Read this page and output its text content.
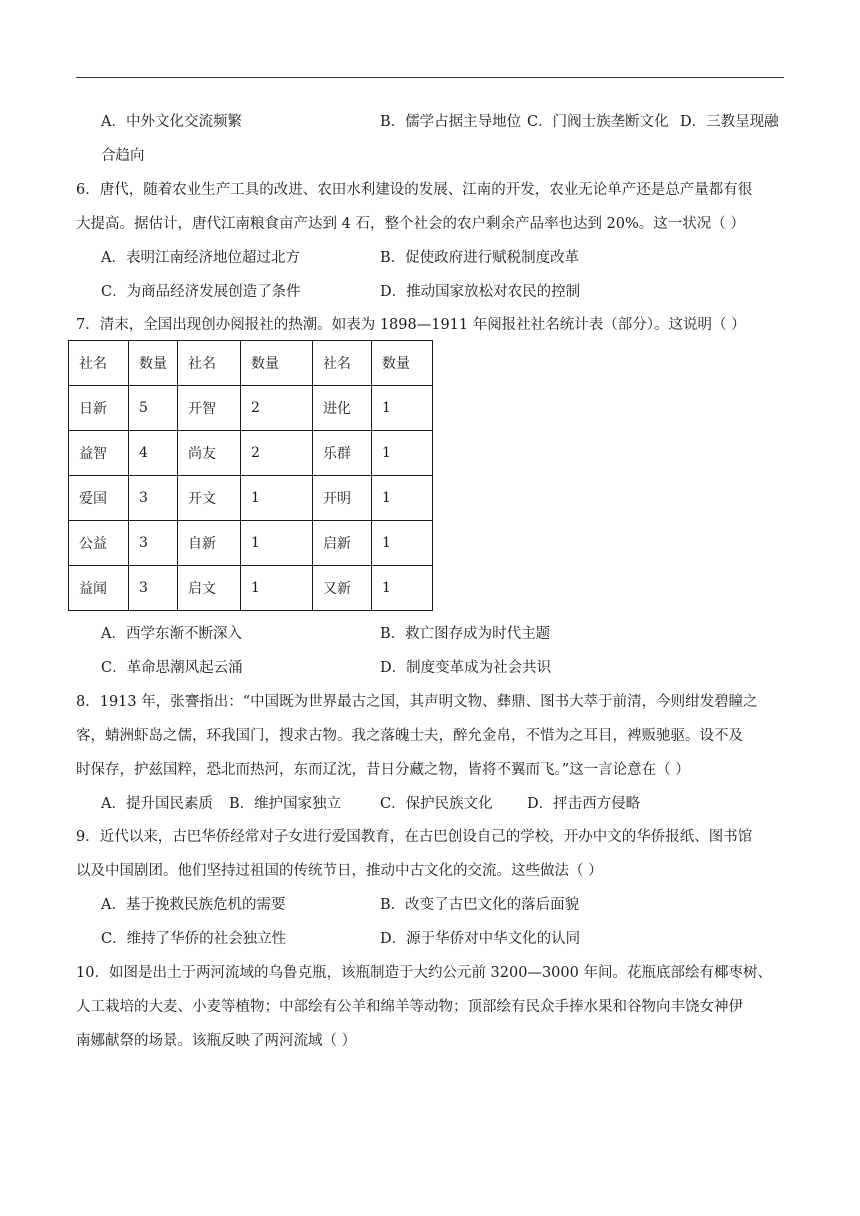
A．中外文化交流频繁	B．儒学占据主导地位 C．门阀士族垄断文化 D．三教呈现融
合趋向
6．唐代，随着农业生产工具的改进、农田水利建设的发展、江南的开发，农业无论单产还是总产量都有很
大提高。据估计，唐代江南粮食亩产达到 4 石，整个社会的农户剩余产品率也达到 20%。这一状况（ ）
A．表明江南经济地位超过北方	B．促使政府进行赋税制度改革
C．为商品经济发展创造了条件	D．推动国家放松对农民的控制
7．清末，全国出现创办阅报社的热潮。如表为 1898—1911 年阅报社社名统计表（部分）。这说明（ ）
社名	数量	社名	数量	社名	数量
日新	5	开智	2	进化	1
益智	4	尚友	2	乐群	1
爱国	3	开文	1	开明	1
公益	3	自新	1	启新	1
益闻	3	启文	1	又新	1
A．西学东渐不断深入	B．救亡图存成为时代主题
C．革命思潮风起云涌	D．制度变革成为社会共识
8．1913 年，张謇指出：“中国既为世界最古之国，其声明文物、彝鼎、图书大萃于前清，今则绀发碧瞳之
客，蜻洲虾岛之儒，环我国门，搜求古物。我之落魄士夫，醉允金帛，不惜为之耳目，裨贩驰驱。设不及
时保存，护兹国粹，恐北而热河，东而辽沈，昔日分藏之物，皆将不翼而飞。”这一言论意在（ ）
A．提升国民素质 B．维护国家独立	C．保护民族文化 D．抨击西方侵略
9．近代以来，古巴华侨经常对子女进行爱国教育，在古巴创设自己的学校，开办中文的华侨报纸、图书馆
以及中国剧团。他们坚持过祖国的传统节日，推动中古文化的交流。这些做法（ ）
A．基于挽救民族危机的需要	B．改变了古巴文化的落后面貌
C．维持了华侨的社会独立性	D．源于华侨对中华文化的认同
10．如图是出土于两河流域的乌鲁克瓶，该瓶制造于大约公元前 3200—3000 年间。花瓶底部绘有椰枣树、
人工栽培的大麦、小麦等植物；中部绘有公羊和绵羊等动物；顶部绘有民众手捧水果和谷物向丰饶女神伊
南娜献祭的场景。该瓶反映了两河流域（ ）
